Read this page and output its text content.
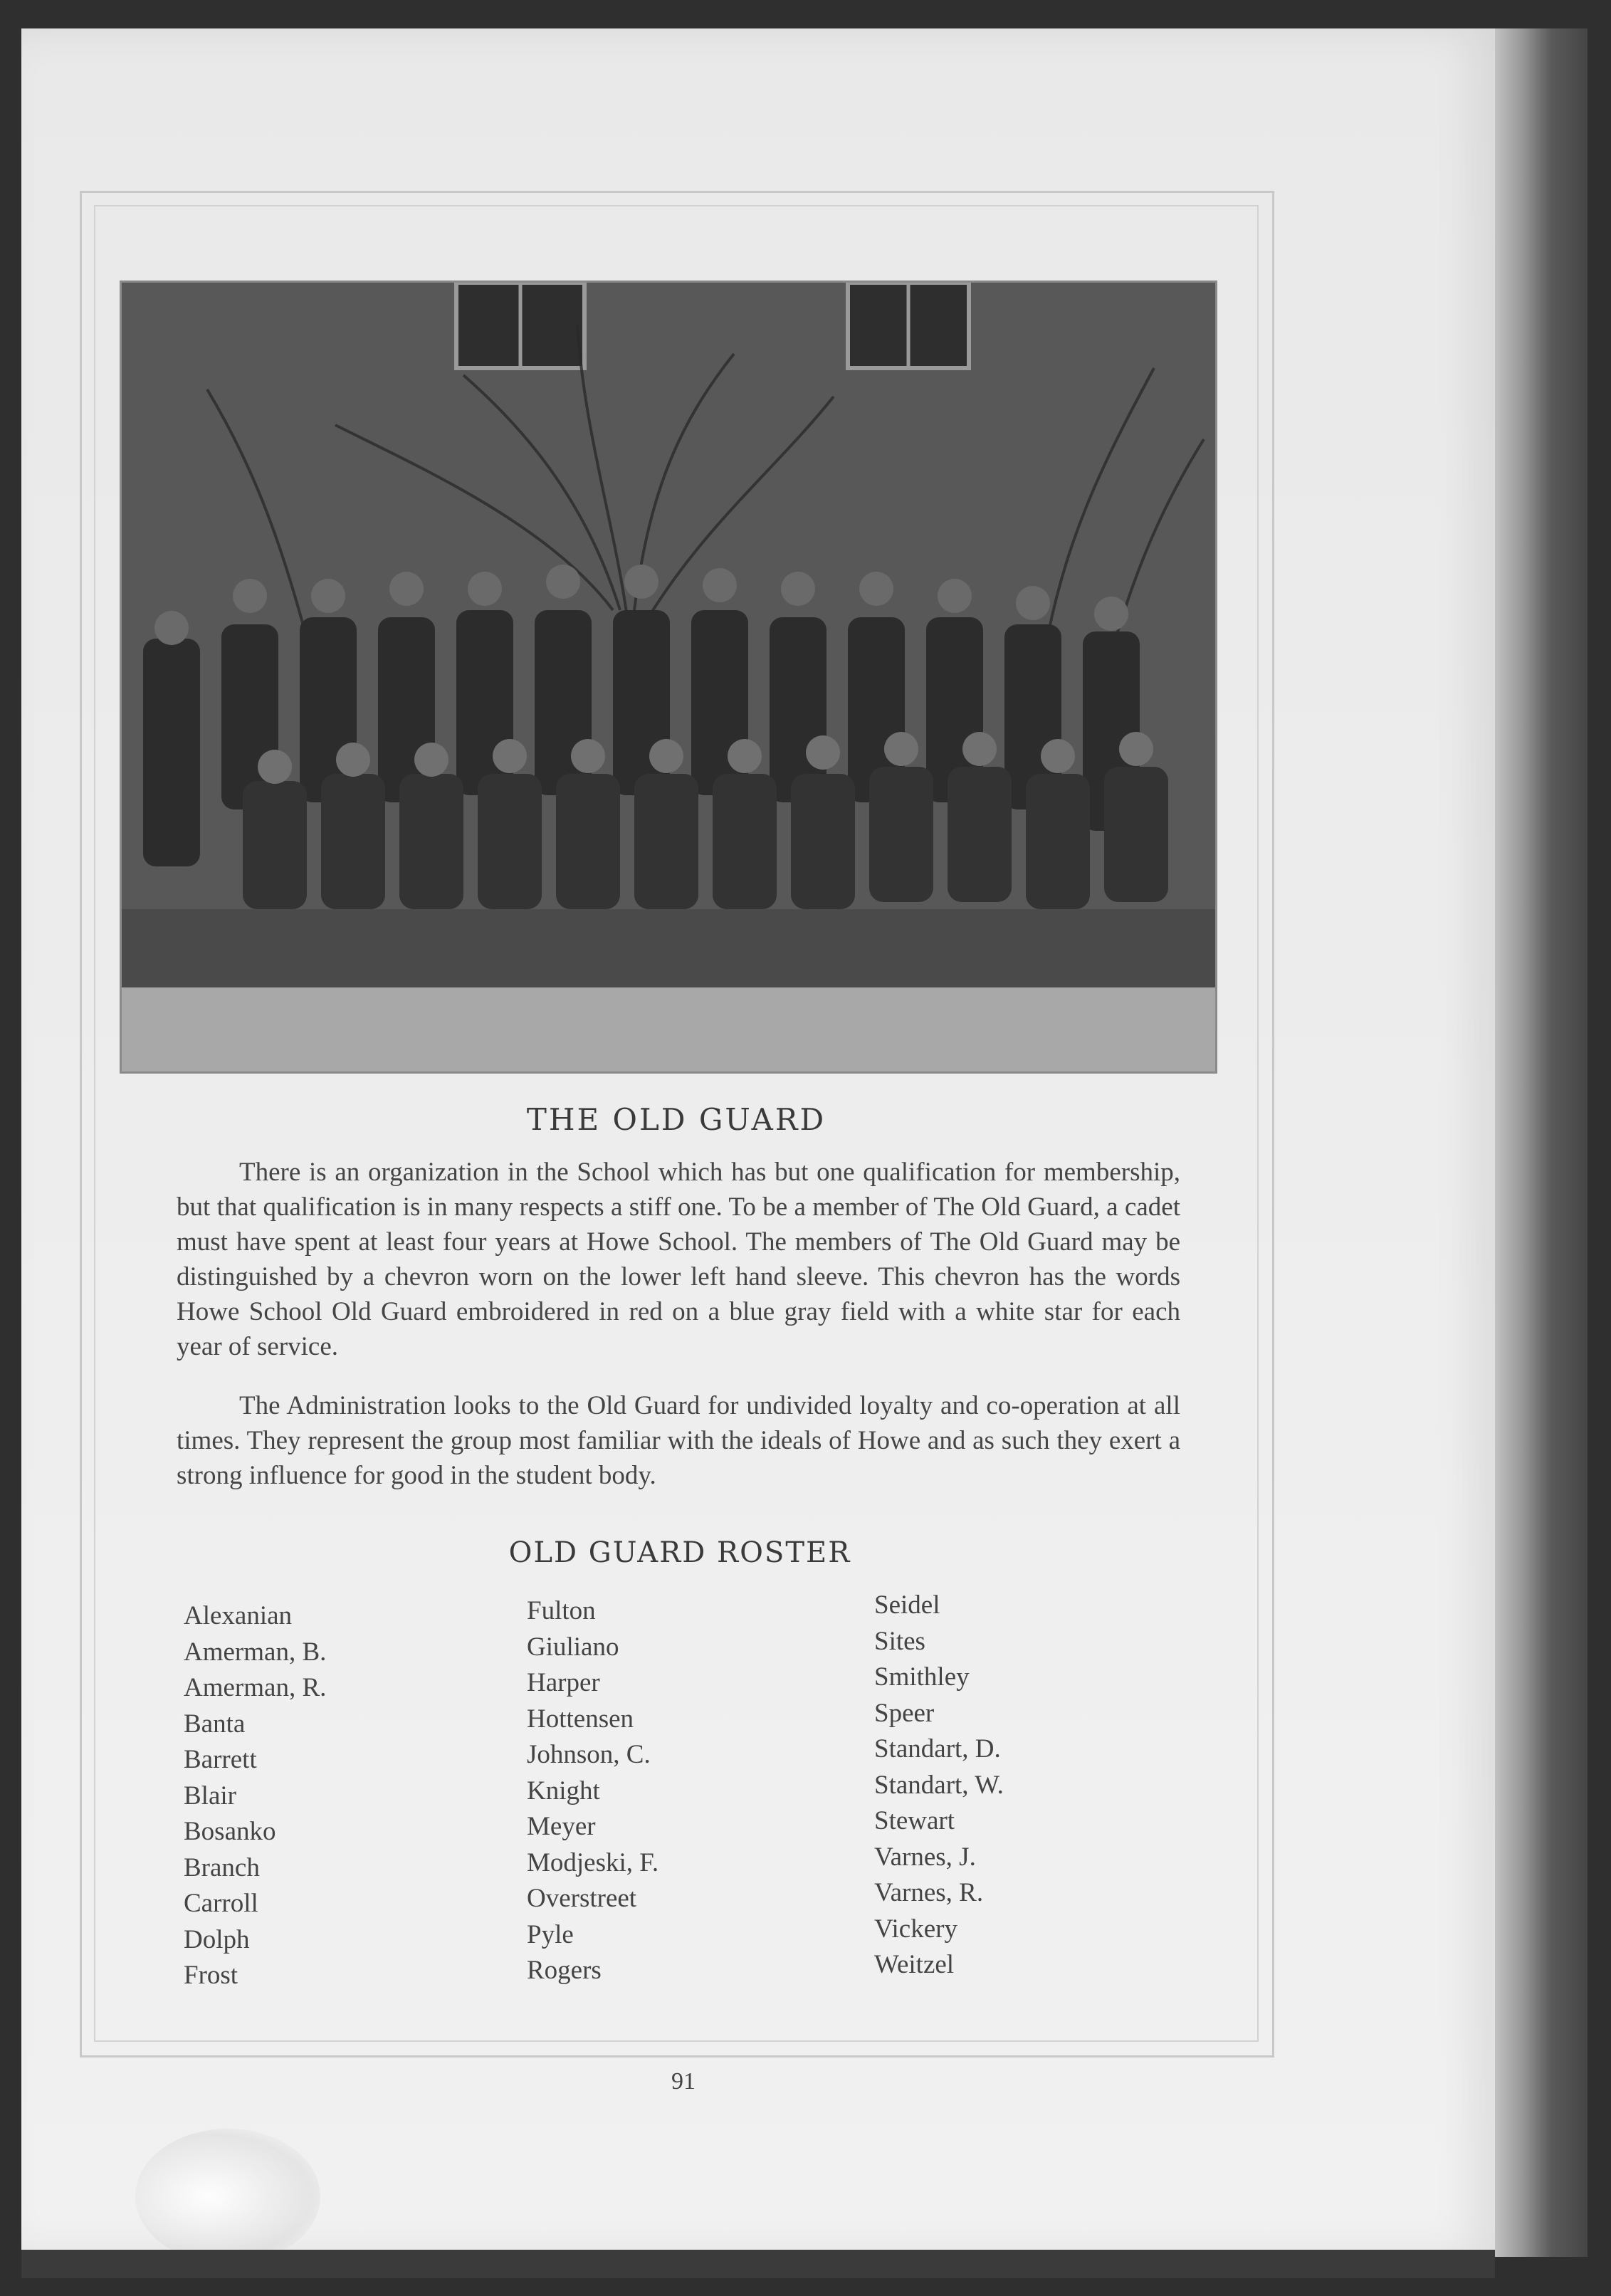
THE OLD GUARD
There is an organization in the School which has but one qualification for membership, but that qualification is in many respects a stiff one. To be a member of The Old Guard, a cadet must have spent at least four years at Howe School. The members of The Old Guard may be distinguished by a chevron worn on the lower left hand sleeve. This chevron has the words Howe School Old Guard embroidered in red on a blue gray field with a white star for each year of service.
The Administration looks to the Old Guard for undivided loyalty and co-operation at all times. They represent the group most familiar with the ideals of Howe and as such they exert a strong influence for good in the student body.
OLD GUARD ROSTER
Alexanian
Amerman, B.
Amerman, R.
Banta
Barrett
Blair
Bosanko
Branch
Carroll
Dolph
Frost
Fulton
Giuliano
Harper
Hottensen
Johnson, C.
Knight
Meyer
Modjeski, F.
Overstreet
Pyle
Rogers
Seidel
Sites
Smithley
Speer
Standart, D.
Standart, W.
Stewart
Varnes, J.
Varnes, R.
Vickery
Weitzel
91
